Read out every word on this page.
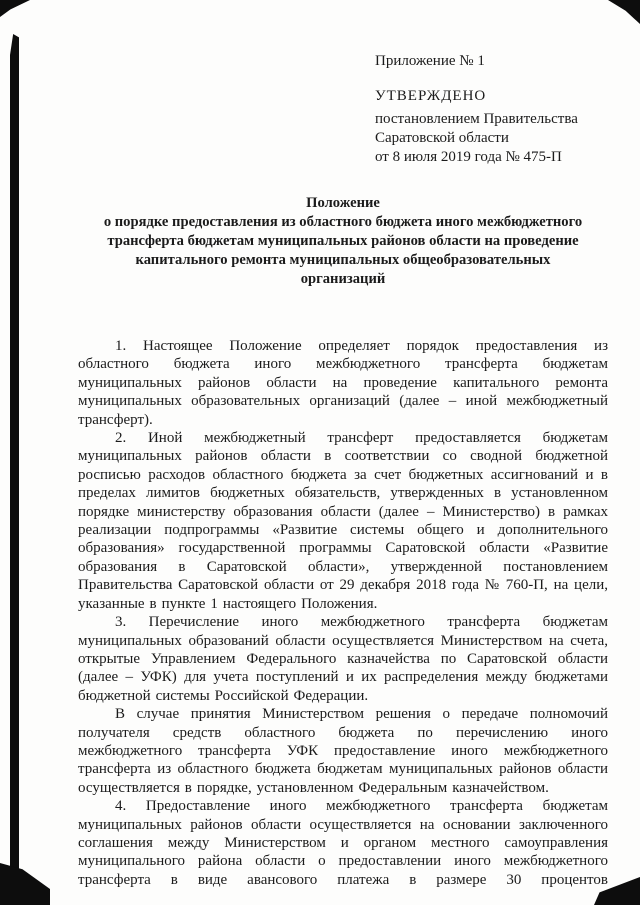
Приложение № 1
УТВЕРЖДЕНО
постановлением Правительства
Саратовской области
от 8 июля 2019 года № 475-П
Положение
о порядке предоставления из областного бюджета иного межбюджетного
трансферта бюджетам муниципальных районов области на проведение
капитального ремонта муниципальных общеобразовательных
организаций

1. Настоящее Положение определяет порядок предоставления из областного бюджета иного межбюджетного трансферта бюджетам муниципальных районов области на проведение капитального ремонта муниципальных образовательных организаций (далее – иной межбюджетный трансферт).

2. Иной межбюджетный трансферт предоставляется бюджетам муниципальных районов области в соответствии со сводной бюджетной росписью расходов областного бюджета за счет бюджетных ассигнований и в пределах лимитов бюджетных обязательств, утвержденных в установленном порядке министерству образования области (далее – Министерство) в рамках реализации подпрограммы «Развитие системы общего и дополнительного образования» государственной программы Саратовской области «Развитие образования в Саратовской области», утвержденной постановлением Правительства Саратовской области от 29 декабря 2018 года № 760-П, на цели, указанные в пункте 1 настоящего Положения.

3. Перечисление иного межбюджетного трансферта бюджетам муниципальных образований области осуществляется Министерством на счета, открытые Управлением Федерального казначейства по Саратовской области (далее – УФК) для учета поступлений и их распределения между бюджетами бюджетной системы Российской Федерации.

В случае принятия Министерством решения о передаче полномочий получателя средств областного бюджета по перечислению иного межбюджетного трансферта УФК предоставление иного межбюджетного трансферта из областного бюджета бюджетам муниципальных районов области осуществляется в порядке, установленном Федеральным казначейством.

4. Предоставление иного межбюджетного трансферта бюджетам муниципальных районов области осуществляется на основании заключенного соглашения между Министерством и органом местного самоуправления муниципального района области о предоставлении иного межбюджетного трансферта в виде авансового платежа в размере 30 процентов
